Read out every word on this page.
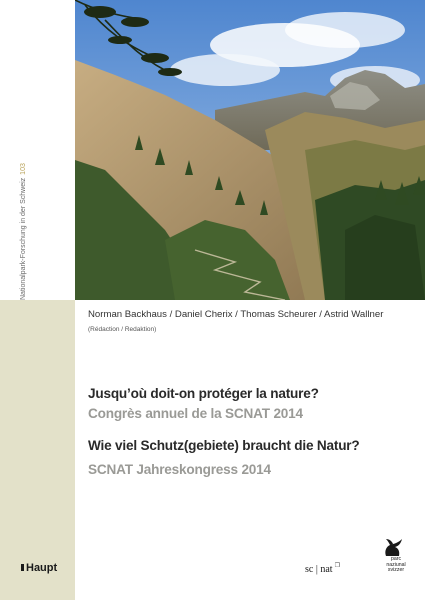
Nationalpark-Forschung in der Schweiz103
Norman Backhaus / Daniel Cherix / Thomas Scheurer / Astrid Wallner
(Rédaction / Redaktion)
Jusqu’où doit-on protéger la nature?
Congrès annuel de la SCNAT 2014
Wie viel Schutz(gebiete) braucht die Natur?
SCNAT Jahreskongress 2014
Haupt	sc | nat ❐
parc
naziunal
svizzer
